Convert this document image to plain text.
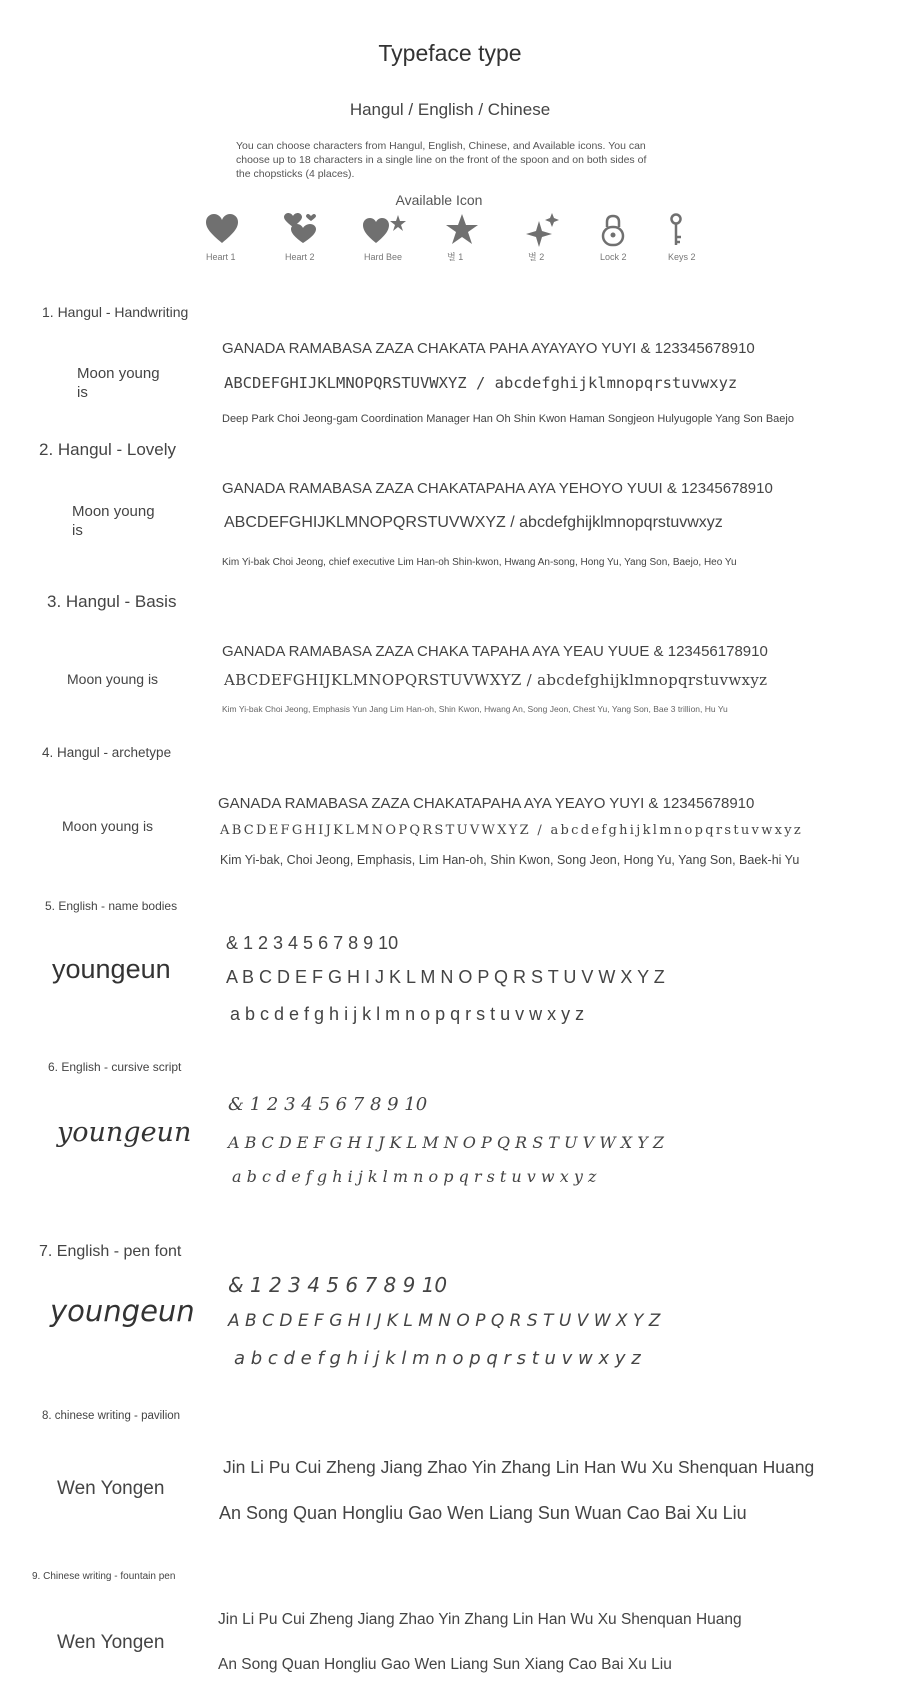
Typeface type
Hangul / English / Chinese
You can choose characters from Hangul, English, Chinese, and Available icons. You can choose up to 18 characters in a single line on the front of the spoon and on both sides of the chopsticks (4 places).
Available Icon
Heart 1	Heart 2	Hard Bee	별 1	별 2	Lock 2	Keys 2
1. Hangul - Handwriting
Moon young is
GANADA RAMABASA ZAZA CHAKATA PAHA AYAYAYO YUYI & 123345678910
ABCDEFGHIJKLMNOPQRSTUVWXYZ / abcdefghijklmnopqrstuvwxyz
Deep Park Choi Jeong-gam Coordination Manager Han Oh Shin Kwon Haman Songjeon Hulyugople Yang Son Baejo
2. Hangul - Lovely
Moon young is
GANADA RAMABASA ZAZA CHAKATAPAHA AYA YEHOYO YUUI & 12345678910
ABCDEFGHIJKLMNOPQRSTUVWXYZ / abcdefghijklmnopqrstuvwxyz
Kim Yi-bak Choi Jeong, chief executive Lim Han-oh Shin-kwon, Hwang An-song, Hong Yu, Yang Son, Baejo, Heo Yu
3. Hangul - Basis
Moon young is
GANADA RAMABASA ZAZA CHAKA TAPAHA AYA YEAU YUUE & 123456178910
ABCDEFGHIJKLMNOPQRSTUVWXYZ / abcdefghijklmnopqrstuvwxyz
Kim Yi-bak Choi Jeong, Emphasis Yun Jang Lim Han-oh, Shin Kwon, Hwang An, Song Jeon, Chest Yu, Yang Son, Bae 3 trillion, Hu Yu
4. Hangul - archetype
Moon young is
GANADA RAMABASA ZAZA CHAKATAPAHA AYA YEAYO YUYI & 12345678910
ABCDEFGHIJKLMNOPQRSTUVWXYZ / abcdefghijklmnopqrstuvwxyz
Kim Yi-bak, Choi Jeong, Emphasis, Lim Han-oh, Shin Kwon, Song Jeon, Hong Yu, Yang Son, Baek-hi Yu
5. English - name bodies
youngeun
& 1 2 3 4 5 6 7 8 9 10
A B C D E F G H I J K L M N O P Q R S T U V W X Y Z
a b c d e f g h i j k l m n o p q r s t u v w x y z
6. English - cursive script
youngeun
& 1 2 3 4 5 6 7 8 9 10
A B C D E F G H I J K L M N O P Q R S T U V W X Y Z
a b c d e f g h i j k l m n o p q r s t u v w x y z
7. English - pen font
youngeun
& 1 2 3 4 5 6 7 8 9 10
A B C D E F G H I J K L M N O P Q R S T U V W X Y Z
a b c d e f g h i j k l m n o p q r s t u v w x y z
8. chinese writing - pavilion
Wen Yongen
Jin Li Pu Cui Zheng Jiang Zhao Yin Zhang Lin Han Wu Xu Shenquan Huang
An Song Quan Hongliu Gao Wen Liang Sun Wuan Cao Bai Xu Liu
9. Chinese writing - fountain pen
Wen Yongen
Jin Li Pu Cui Zheng Jiang Zhao Yin Zhang Lin Han Wu Xu Shenquan Huang
An Song Quan Hongliu Gao Wen Liang Sun Xiang Cao Bai Xu Liu
